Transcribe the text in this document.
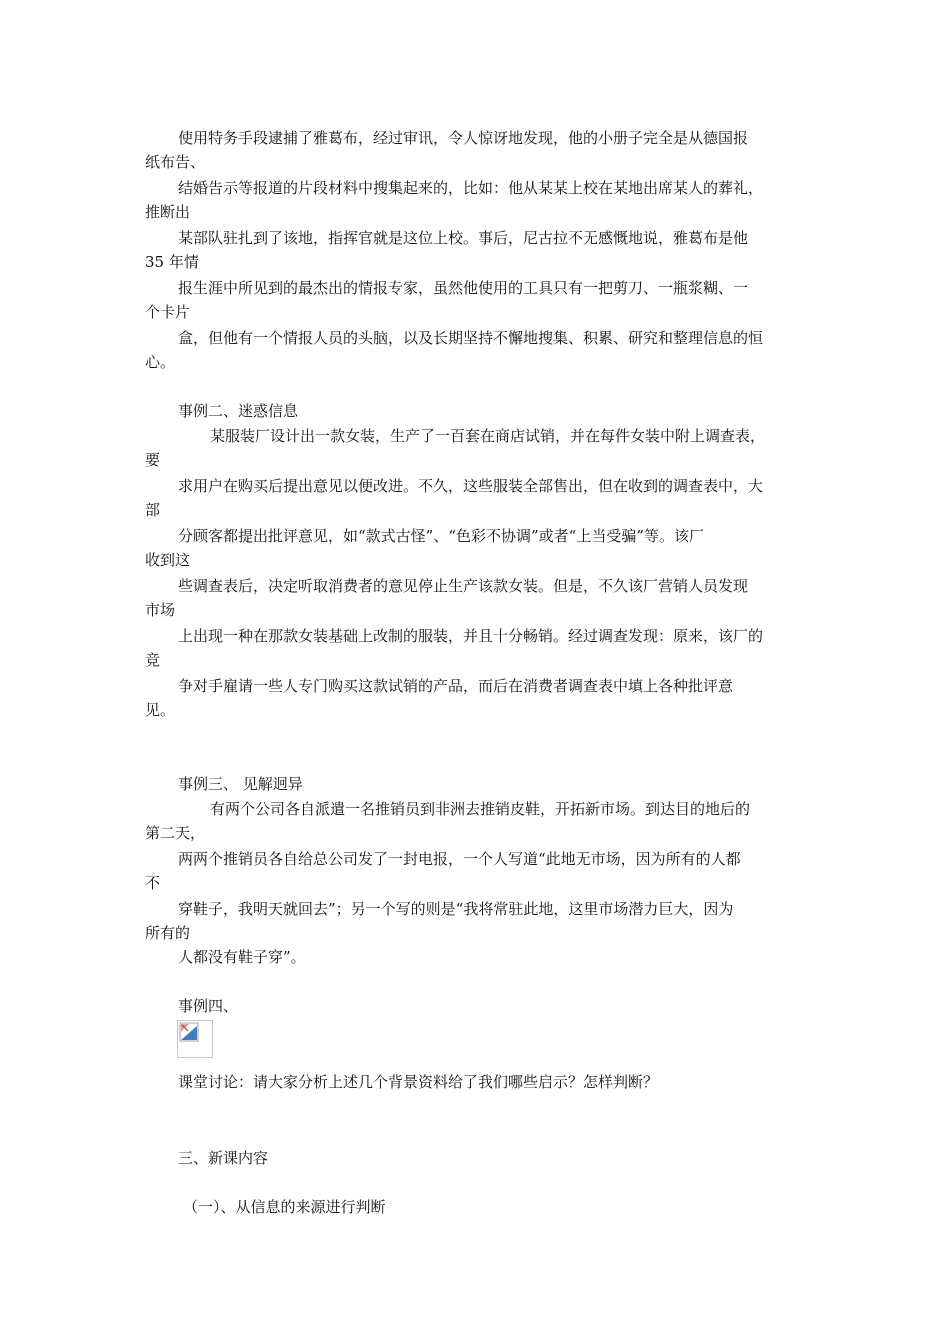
使用特务手段逮捕了雅葛布，经过审讯，令人惊讶地发现，他的小册子完全是从德国报
纸布告、
结婚告示等报道的片段材料中搜集起来的，比如：他从某某上校在某地出席某人的葬礼，
推断出
某部队驻扎到了该地，指挥官就是这位上校。事后，尼古拉不无感慨地说，雅葛布是他
35 年情
报生涯中所见到的最杰出的情报专家，虽然他使用的工具只有一把剪刀、一瓶浆糊、一
个卡片
盒，但他有一个情报人员的头脑，以及长期坚持不懈地搜集、积累、研究和整理信息的恒
心。
事例二、迷惑信息
某服装厂设计出一款女装，生产了一百套在商店试销，并在每件女装中附上调查表，
要
求用户在购买后提出意见以便改进。不久，这些服装全部售出，但在收到的调查表中，大
部
分顾客都提出批评意见，如“款式古怪”、“色彩不协调”或者“上当受骗”等。该厂
收到这
些调查表后，决定听取消费者的意见停止生产该款女装。但是，不久该厂营销人员发现
市场
上出现一种在那款女装基础上改制的服装，并且十分畅销。经过调查发现：原来，该厂的
竞
争对手雇请一些人专门购买这款试销的产品，而后在消费者调查表中填上各种批评意
见。
事例三、 见解迥异
有两个公司各自派遣一名推销员到非洲去推销皮鞋，开拓新市场。到达目的地后的
第二天，
两两个推销员各自给总公司发了一封电报，一个人写道“此地无市场，因为所有的人都
不
穿鞋子，我明天就回去”；另一个写的则是“我将常驻此地，这里市场潜力巨大，因为
所有的
人都没有鞋子穿”。
事例四、
课堂讨论：请大家分析上述几个背景资料给了我们哪些启示？怎样判断？
三、新课内容
（一）、从信息的来源进行判断
